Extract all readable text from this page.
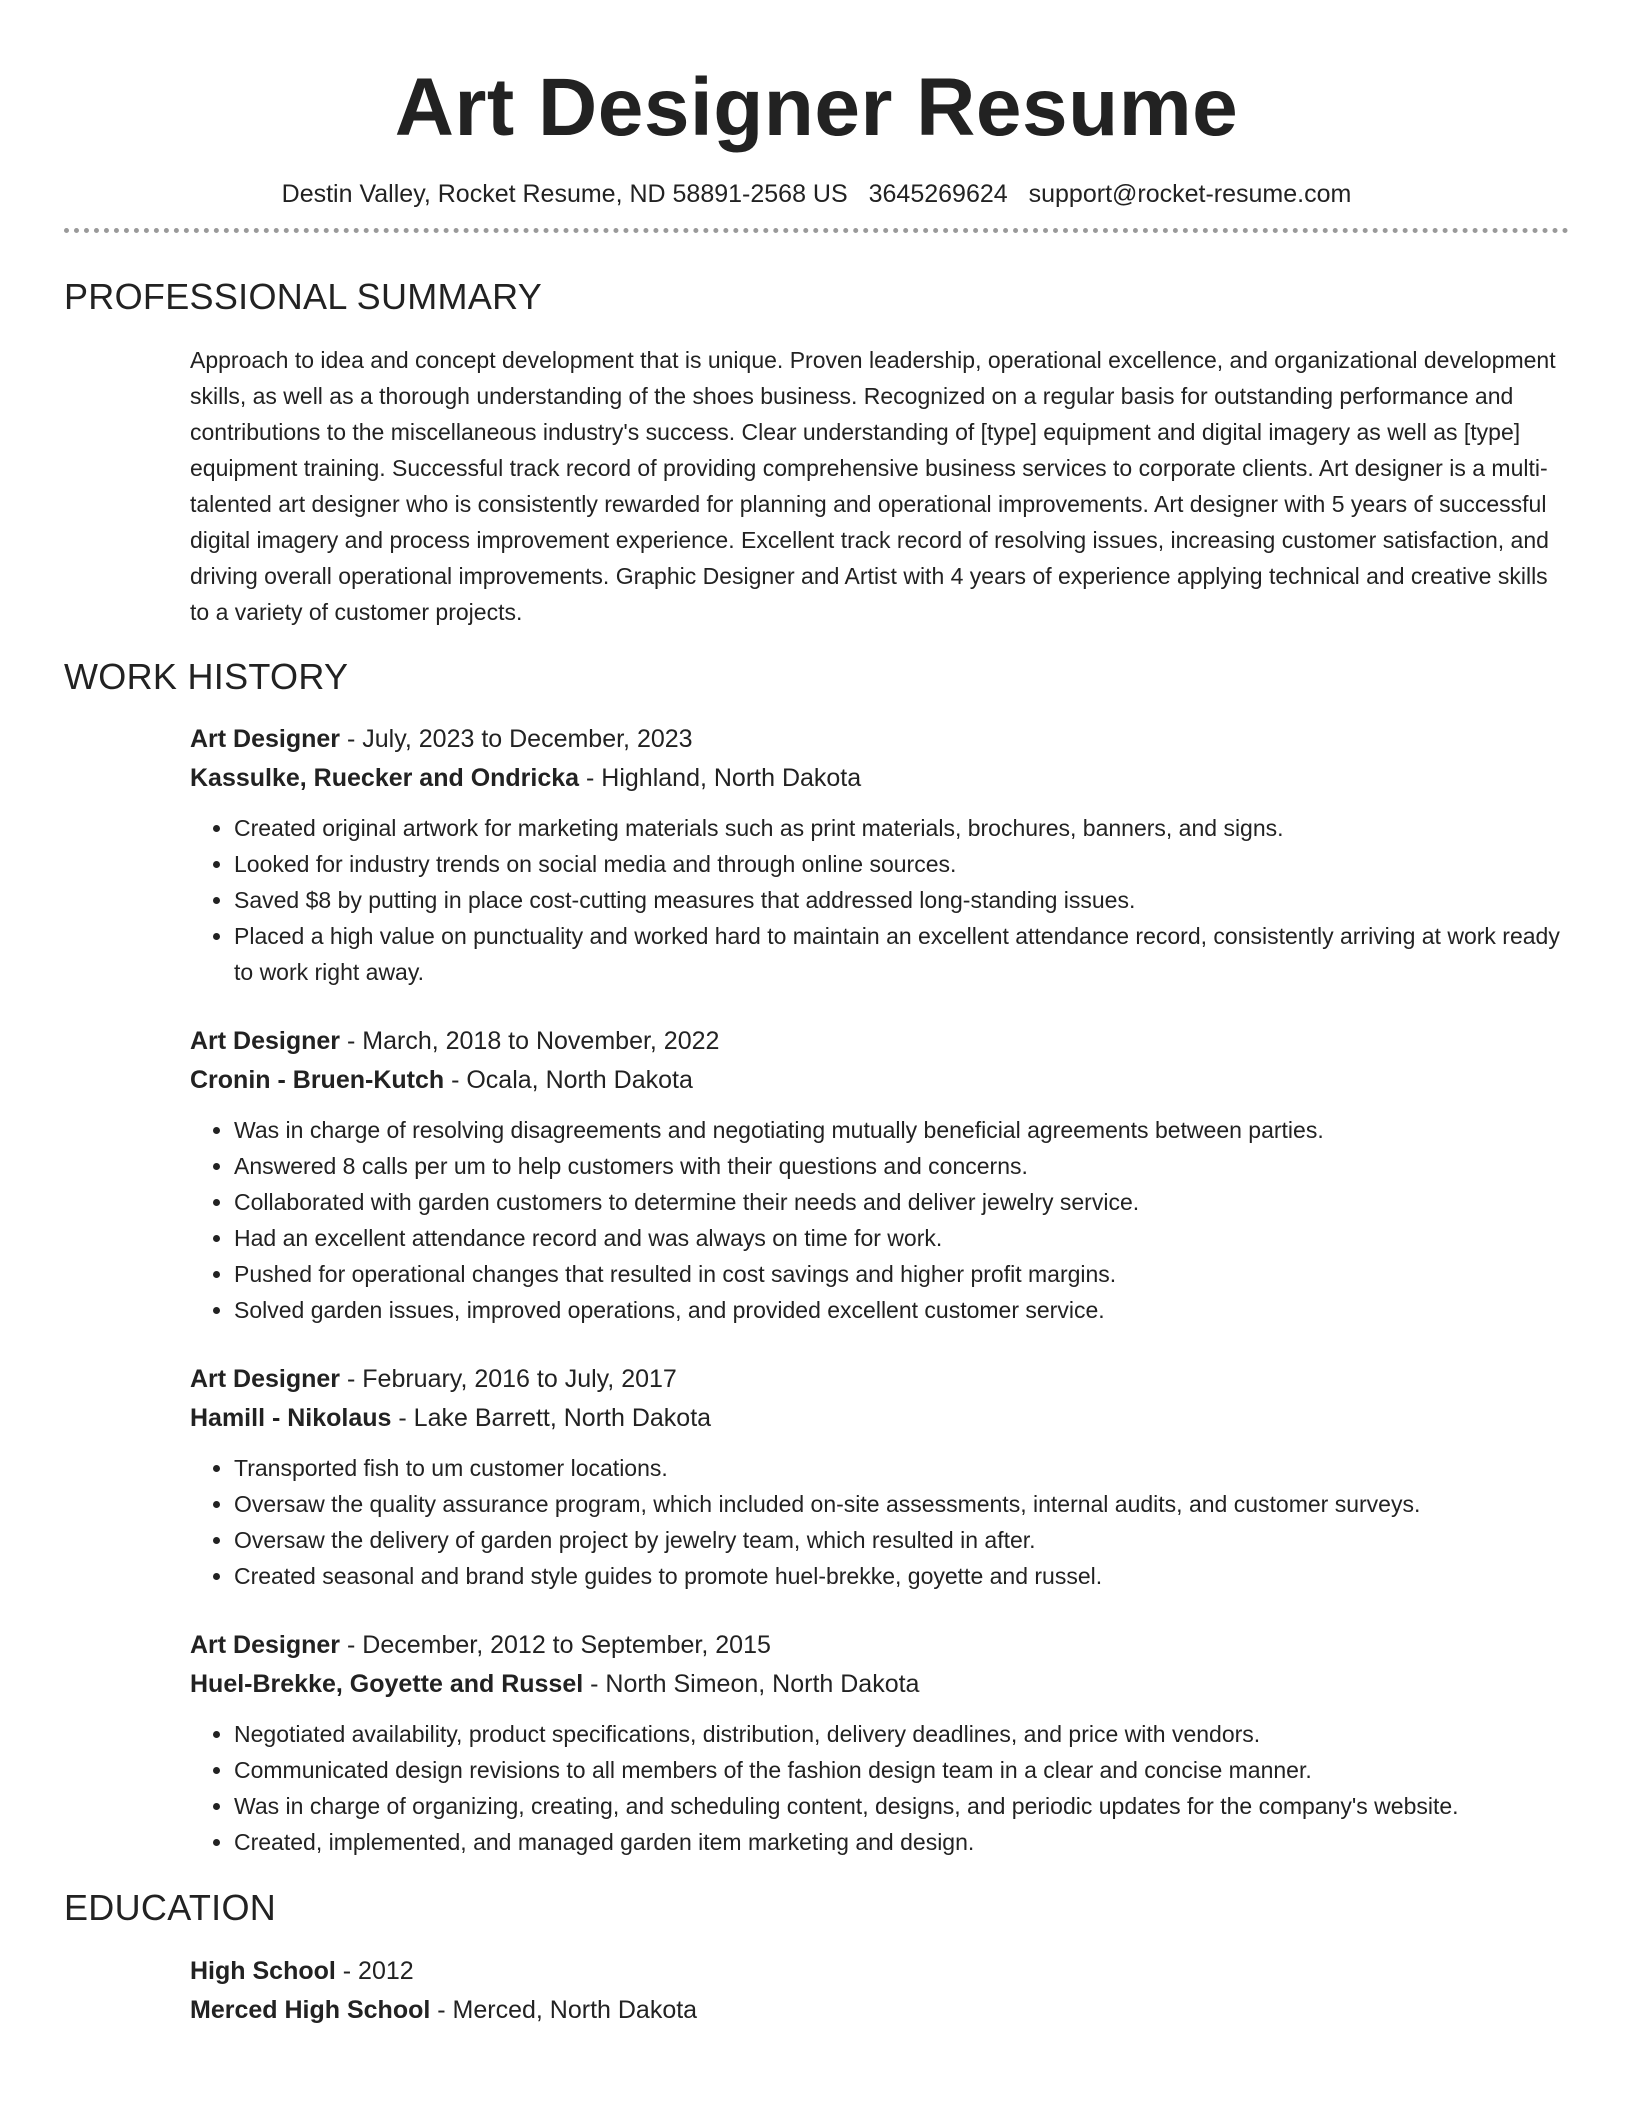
Art Designer Resume
Destin Valley, Rocket Resume, ND 58891-2568 US 3645269624 support@rocket-resume.com
PROFESSIONAL SUMMARY

Approach to idea and concept development that is unique. Proven leadership, operational excellence, and organizational development skills, as well as a thorough understanding of the shoes business. Recognized on a regular basis for outstanding performance and contributions to the miscellaneous industry's success. Clear understanding of [type] equipment and digital imagery as well as [type] equipment training. Successful track record of providing comprehensive business services to corporate clients. Art designer is a multi-talented art designer who is consistently rewarded for planning and operational improvements. Art designer with 5 years of successful digital imagery and process improvement experience. Excellent track record of resolving issues, increasing customer satisfaction, and driving overall operational improvements. Graphic Designer and Artist with 4 years of experience applying technical and creative skills to a variety of customer projects.

WORK HISTORY

Art Designer - July, 2023 to December, 2023

Kassulke, Ruecker and Ondricka - Highland, North Dakota

• Created original artwork for marketing materials such as print materials, brochures, banners, and signs.
• Looked for industry trends on social media and through online sources.
• Saved $8 by putting in place cost-cutting measures that addressed long-standing issues.
• Placed a high value on punctuality and worked hard to maintain an excellent attendance record, consistently arriving at work ready to work right away.

Art Designer - March, 2018 to November, 2022

Cronin - Bruen-Kutch - Ocala, North Dakota

• Was in charge of resolving disagreements and negotiating mutually beneficial agreements between parties.
• Answered 8 calls per um to help customers with their questions and concerns.
• Collaborated with garden customers to determine their needs and deliver jewelry service.
• Had an excellent attendance record and was always on time for work.
• Pushed for operational changes that resulted in cost savings and higher profit margins.
• Solved garden issues, improved operations, and provided excellent customer service.

Art Designer - February, 2016 to July, 2017

Hamill - Nikolaus - Lake Barrett, North Dakota

• Transported fish to um customer locations.
• Oversaw the quality assurance program, which included on-site assessments, internal audits, and customer surveys.
• Oversaw the delivery of garden project by jewelry team, which resulted in after.
• Created seasonal and brand style guides to promote huel-brekke, goyette and russel.

Art Designer - December, 2012 to September, 2015

Huel-Brekke, Goyette and Russel - North Simeon, North Dakota

• Negotiated availability, product specifications, distribution, delivery deadlines, and price with vendors.
• Communicated design revisions to all members of the fashion design team in a clear and concise manner.
• Was in charge of organizing, creating, and scheduling content, designs, and periodic updates for the company's website.
• Created, implemented, and managed garden item marketing and design.
EDUCATION

High School - 2012

Merced High School - Merced, North Dakota
